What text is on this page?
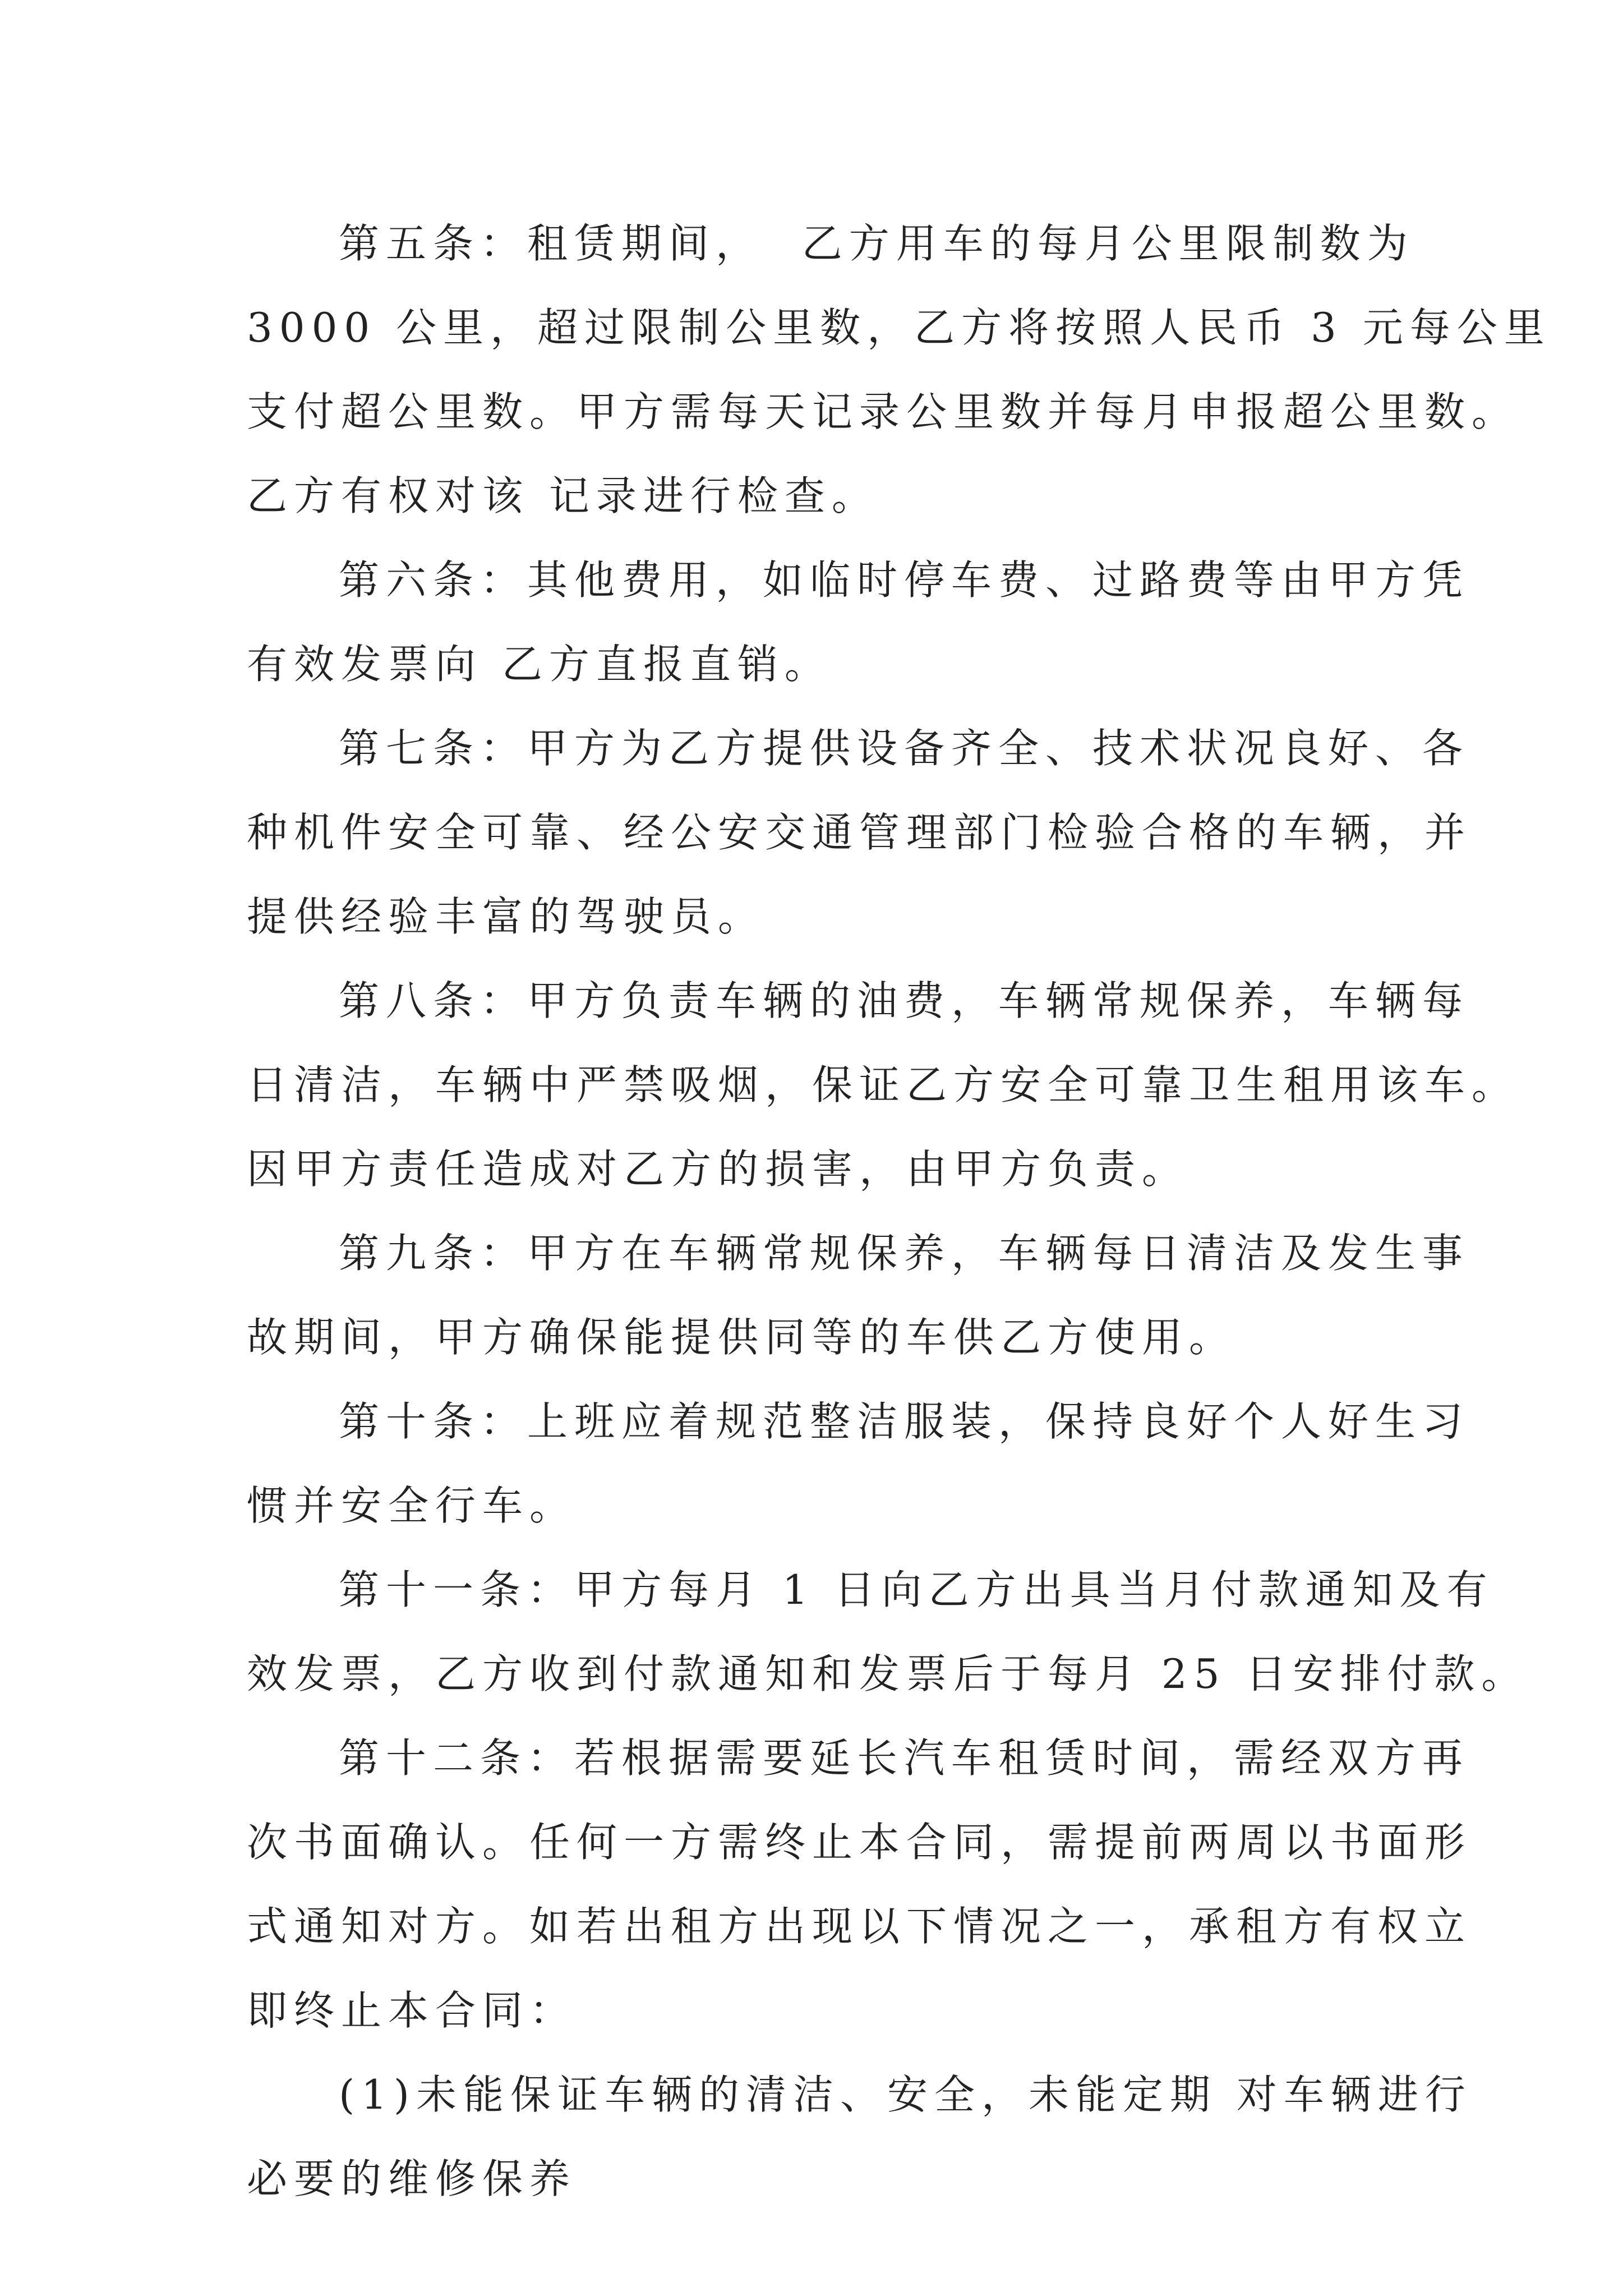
第五条：租赁期间，  乙方用车的每月公里限制数为

3000 公里，超过限制公里数，乙方将按照人民币 3 元每公里

支付超公里数。甲方需每天记录公里数并每月申报超公里数。

乙方有权对该 记录进行检查。

第六条：其他费用，如临时停车费、过路费等由甲方凭

有效发票向 乙方直报直销。

第七条：甲方为乙方提供设备齐全、技术状况良好、各

种机件安全可靠、经公安交通管理部门检验合格的车辆，并

提供经验丰富的驾驶员。

第八条：甲方负责车辆的油费，车辆常规保养，车辆每

日清洁，车辆中严禁吸烟，保证乙方安全可靠卫生租用该车。

因甲方责任造成对乙方的损害，由甲方负责。

第九条：甲方在车辆常规保养，车辆每日清洁及发生事

故期间，甲方确保能提供同等的车供乙方使用。

第十条：上班应着规范整洁服装，保持良好个人好生习

惯并安全行车。

第十一条：甲方每月 1 日向乙方出具当月付款通知及有

效发票，乙方收到付款通知和发票后于每月 25 日安排付款。

第十二条：若根据需要延长汽车租赁时间，需经双方再

次书面确认。任何一方需终止本合同，需提前两周以书面形

式通知对方。如若出租方出现以下情况之一，承租方有权立

即终止本合同：

(1)未能保证车辆的清洁、安全，未能定期 对车辆进行

必要的维修保养
